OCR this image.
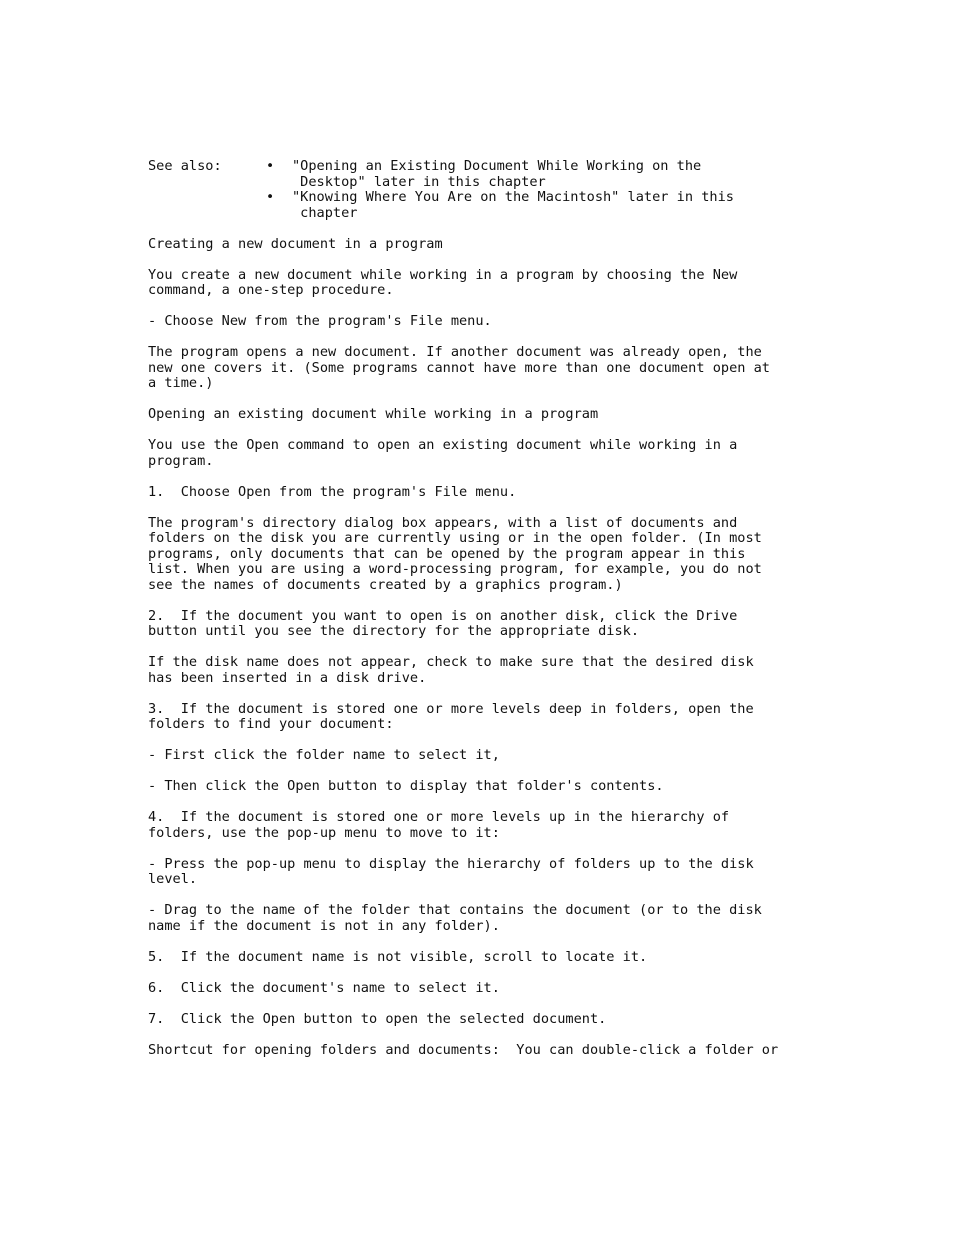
See also:	•	"Opening an Existing Document While Working on the
Desktop" later in this chapter
•	"Knowing Where You Are on the Macintosh" later in this
chapter
Creating a new document in a program
You create a new document while working in a program by choosing the New
command, a one-step procedure.
- Choose New from the program's File menu.
The program opens a new document. If another document was already open, the
new one covers it. (Some programs cannot have more than one document open at
a time.)
Opening an existing document while working in a program
You use the Open command to open an existing document while working in a
program.
1.  Choose Open from the program's File menu.
The program's directory dialog box appears, with a list of documents and
folders on the disk you are currently using or in the open folder. (In most
programs, only documents that can be opened by the program appear in this
list. When you are using a word-processing program, for example, you do not
see the names of documents created by a graphics program.)
2.  If the document you want to open is on another disk, click the Drive
button until you see the directory for the appropriate disk.
If the disk name does not appear, check to make sure that the desired disk
has been inserted in a disk drive.
3.  If the document is stored one or more levels deep in folders, open the
folders to find your document:
- First click the folder name to select it,
- Then click the Open button to display that folder's contents.
4.  If the document is stored one or more levels up in the hierarchy of
folders, use the pop-up menu to move to it:
- Press the pop-up menu to display the hierarchy of folders up to the disk
level.
- Drag to the name of the folder that contains the document (or to the disk
name if the document is not in any folder).
5.  If the document name is not visible, scroll to locate it.
6.  Click the document's name to select it.
7.  Click the Open button to open the selected document.
Shortcut for opening folders and documents:  You can double-click a folder or
